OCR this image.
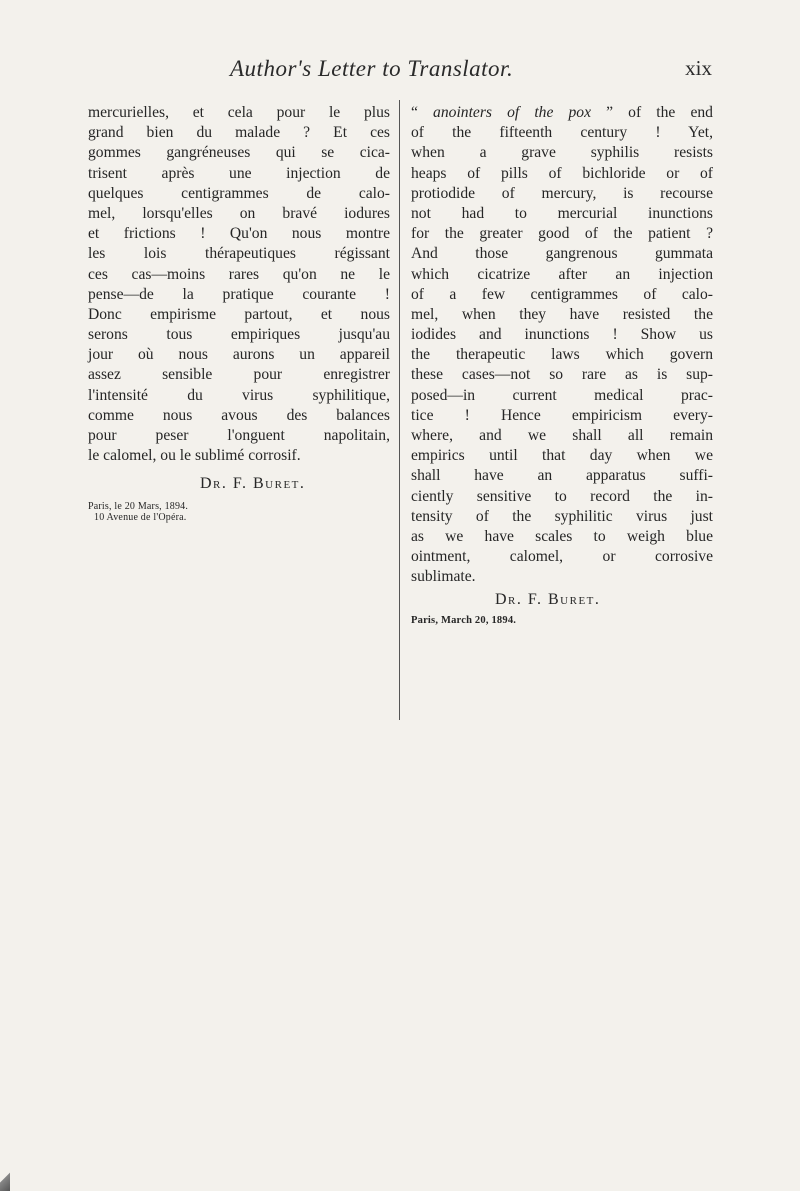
Author's Letter to Translator.	xix
mercurielles, et cela pour le plus
grand bien du malade ? Et ces
gommes gangréneuses qui se cica-
trisent après une injection de
quelques centigrammes de calo-
mel, lorsqu'elles on bravé iodures
et frictions ! Qu'on nous montre
les lois thérapeutiques régissant
ces cas—moins rares qu'on ne le
pense—de la pratique courante !
Donc empirisme partout, et nous
serons tous empiriques jusqu'au
jour où nous aurons un appareil
assez sensible pour enregistrer
l'intensité du virus syphilitique,
comme nous avous des balances
pour peser l'onguent napolitain,
le calomel, ou le sublimé corrosif.
Dr. F. Buret.
Paris, le 20 Mars, 1894.
10 Avenue de l'Opéra.
“ anointers of the pox ” of the end
of the fifteenth century ! Yet,
when a grave syphilis resists
heaps of pills of bichloride or of
protiodide of mercury, is recourse
not had to mercurial inunctions
for the greater good of the patient ?
And those gangrenous gummata
which cicatrize after an injection
of a few centigrammes of calo-
mel, when they have resisted the
iodides and inunctions ! Show us
the therapeutic laws which govern
these cases—not so rare as is sup-
posed—in current medical prac-
tice ! Hence empiricism every-
where, and we shall all remain
empirics until that day when we
shall have an apparatus suffi-
ciently sensitive to record the in-
tensity of the syphilitic virus just
as we have scales to weigh blue
ointment, calomel, or corrosive
sublimate.
Dr. F. Buret.
Paris, March 20, 1894.
